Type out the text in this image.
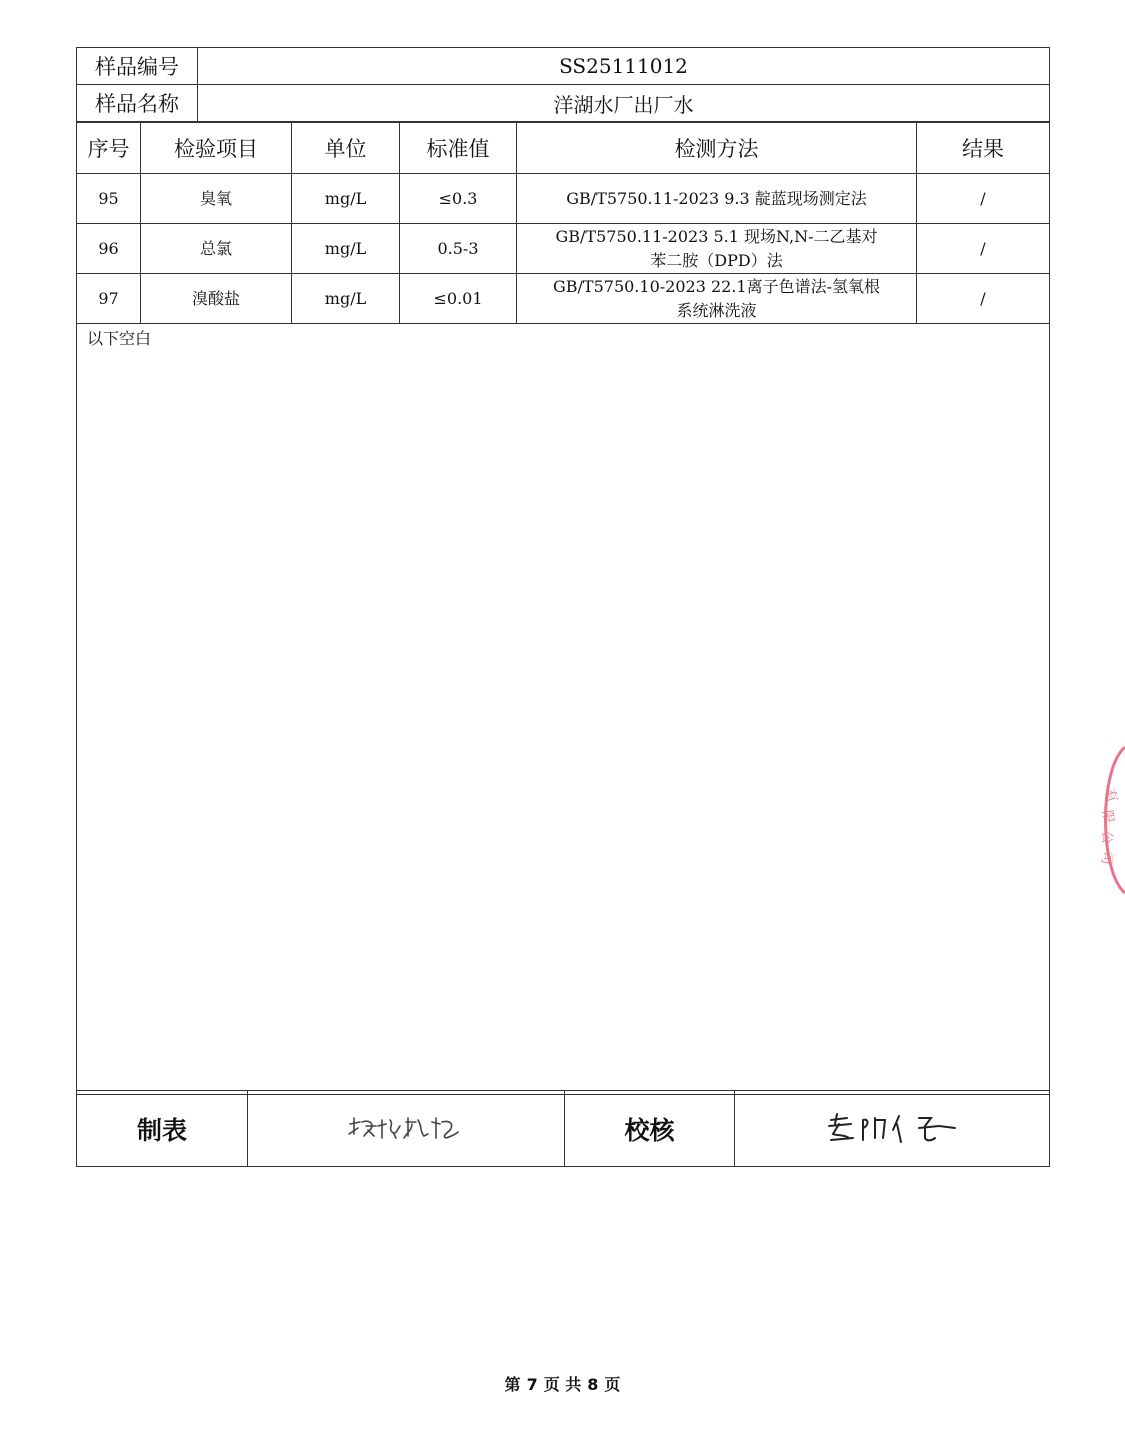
样品编号	SS25111012
样品名称	洋湖水厂出厂水
序号	检验项目	单位	标准值	检测方法	结果
95	臭氧	mg/L	≤0.3	GB/T5750.11-2023 9.3 靛蓝现场测定法	/
96	总氯	mg/L	0.5-3	GB/T5750.11-2023 5.1 现场N,N-二乙基对
苯二胺（DPD）法	/
97	溴酸盐	mg/L	≤0.01	GB/T5750.10-2023 22.1离子色谱法-氢氧根
系统淋洗液	/
以下空白					
制表		校核	
第 7 页 共 8 页
有
限
公
司
